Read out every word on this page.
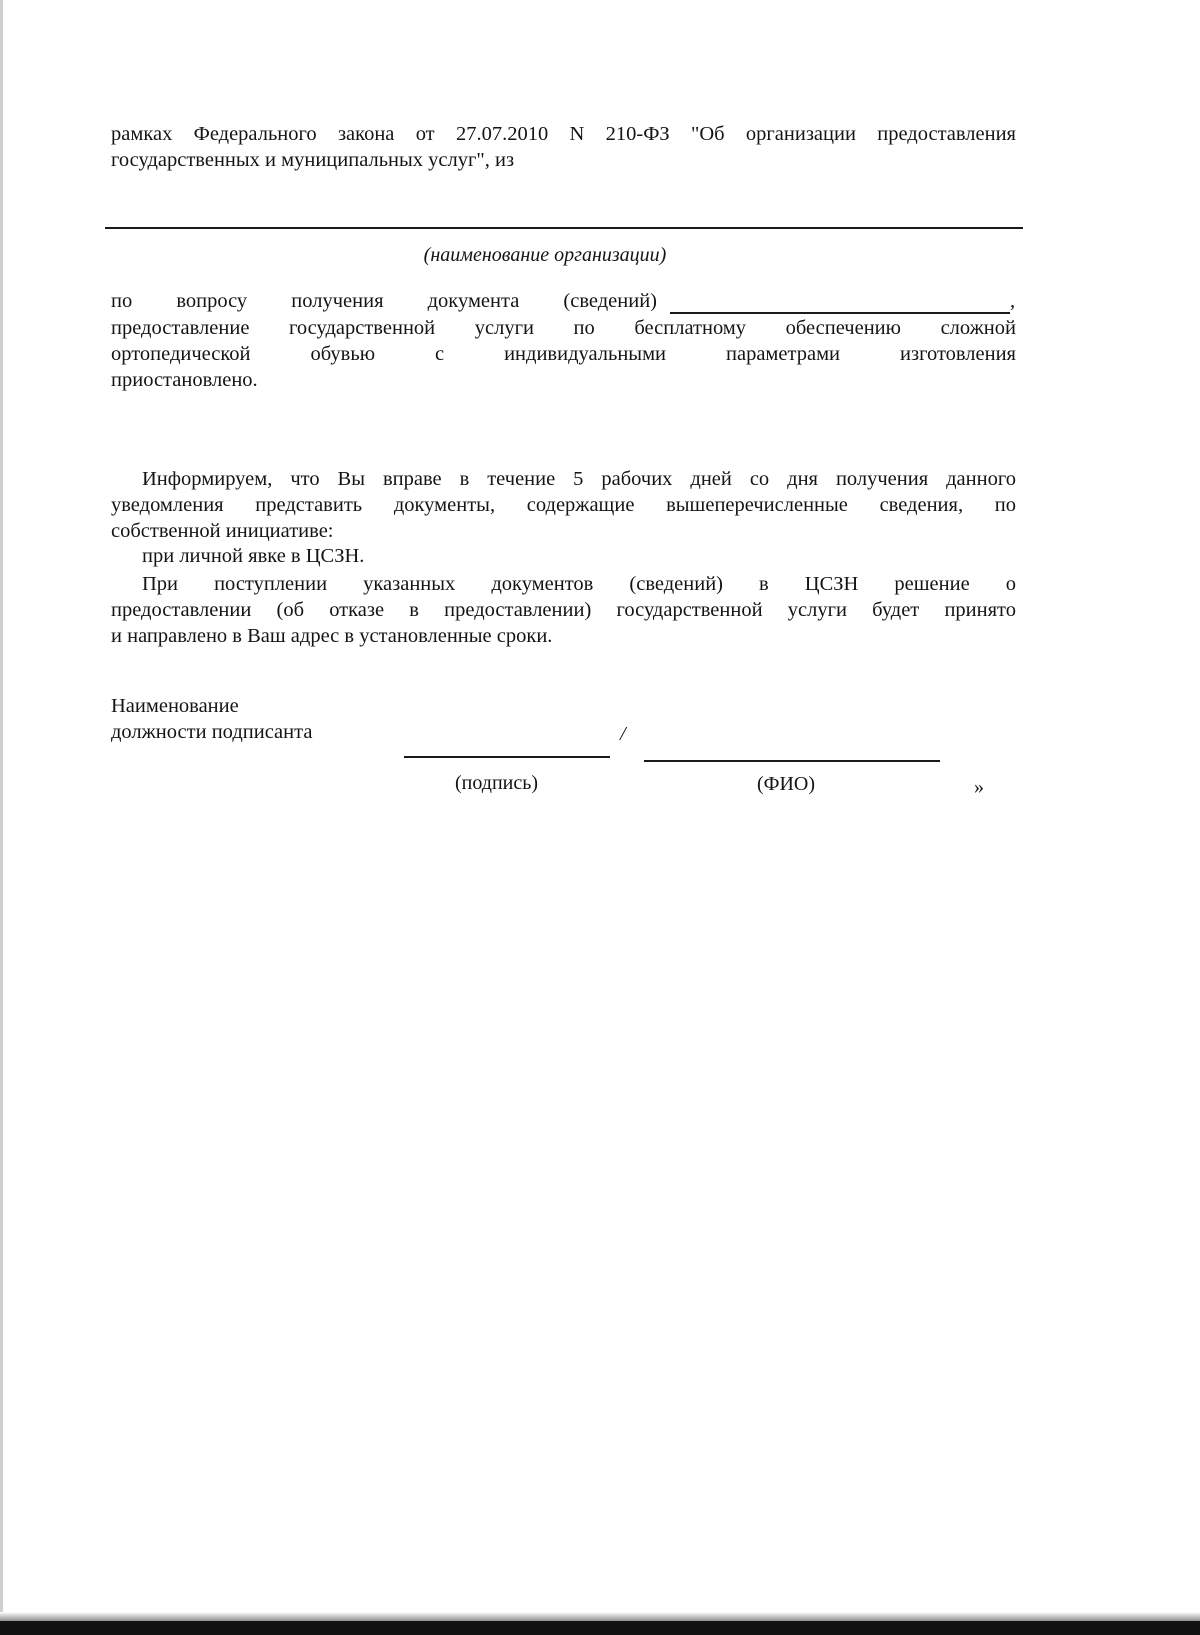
рамках Федерального закона от 27.07.2010 N 210-ФЗ "Об организации предоставления
государственных и муниципальных услуг", из
(наименование организации)
по вопросу получения документа (сведений)	,
предоставление государственной услуги по бесплатному обеспечению сложной
ортопедической обувью с индивидуальными параметрами изготовления
приостановлено.
Информируем, что Вы вправе в течение 5 рабочих дней со дня получения данного
уведомления представить документы, содержащие вышеперечисленные сведения, по
собственной инициативе:
при личной явке в ЦСЗН.
При поступлении указанных документов (сведений) в ЦСЗН решение о
предоставлении (об отказе в предоставлении) государственной услуги будет принято
и направлено в Ваш адрес в установленные сроки.
Наименование
должности подписанта	/
(подпись)	(ФИО)	»
